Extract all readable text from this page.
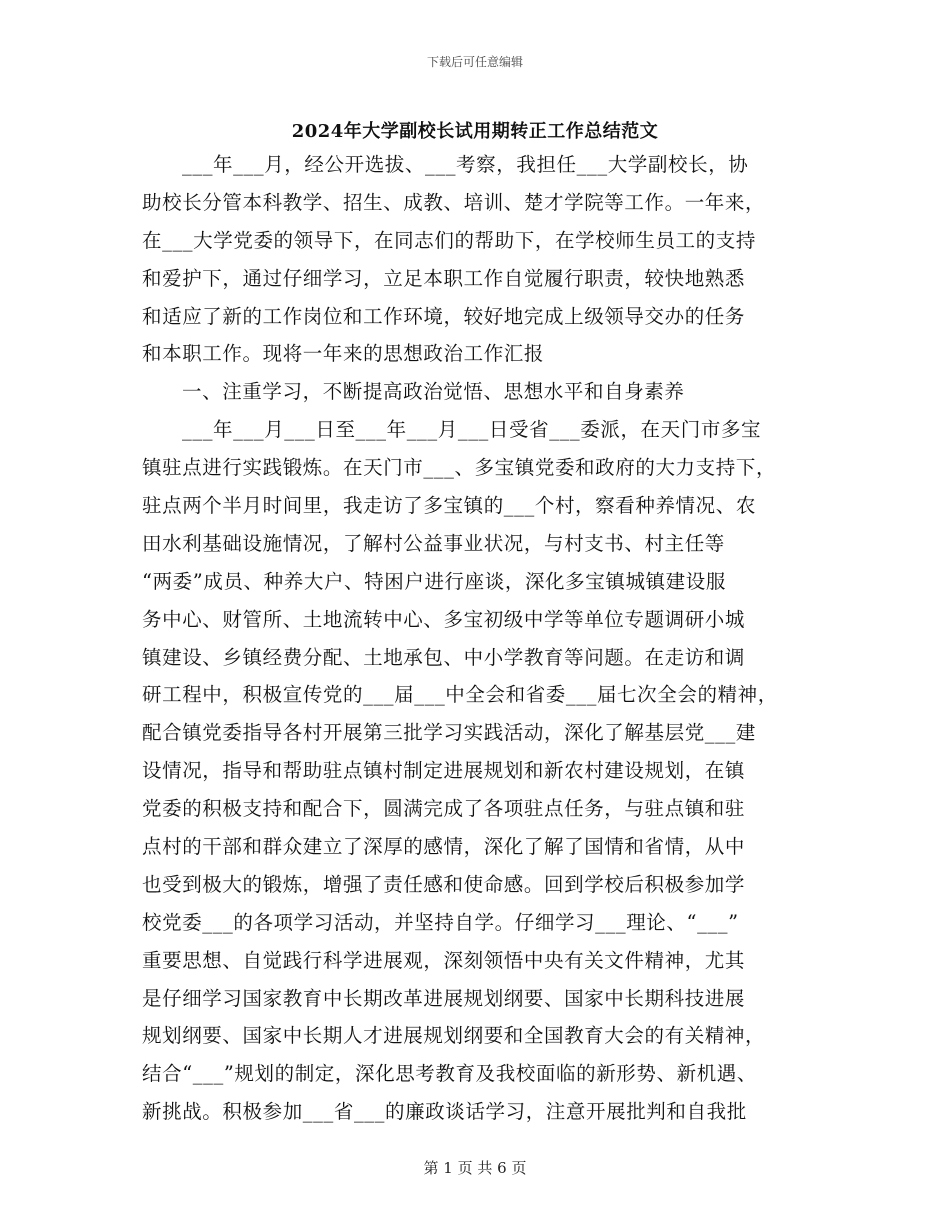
下载后可任意编辑
2024年大学副校长试用期转正工作总结范文
___年___月，经公开选拔、___考察，我担任___大学副校长，协
助校长分管本科教学、招生、成教、培训、楚才学院等工作。一年来，
在___大学党委的领导下，在同志们的帮助下，在学校师生员工的支持
和爱护下，通过仔细学习，立足本职工作自觉履行职责，较快地熟悉
和适应了新的工作岗位和工作环境，较好地完成上级领导交办的任务
和本职工作。现将一年来的思想政治工作汇报
一、注重学习，不断提高政治觉悟、思想水平和自身素养
___年___月___日至___年___月___日受省___委派，在天门市多宝
镇驻点进行实践锻炼。在天门市___、多宝镇党委和政府的大力支持下，
驻点两个半月时间里，我走访了多宝镇的___个村，察看种养情况、农
田水利基础设施情况，了解村公益事业状况，与村支书、村主任等
“两委”成员、种养大户、特困户进行座谈，深化多宝镇城镇建设服
务中心、财管所、土地流转中心、多宝初级中学等单位专题调研小城
镇建设、乡镇经费分配、土地承包、中小学教育等问题。在走访和调
研工程中，积极宣传党的___届___中全会和省委___届七次全会的精神，
配合镇党委指导各村开展第三批学习实践活动，深化了解基层党___建
设情况，指导和帮助驻点镇村制定进展规划和新农村建设规划，在镇
党委的积极支持和配合下，圆满完成了各项驻点任务，与驻点镇和驻
点村的干部和群众建立了深厚的感情，深化了解了国情和省情，从中
也受到极大的锻炼，增强了责任感和使命感。回到学校后积极参加学
校党委___的各项学习活动，并坚持自学。仔细学习___理论、“___”
重要思想、自觉践行科学进展观，深刻领悟中央有关文件精神，尤其
是仔细学习国家教育中长期改革进展规划纲要、国家中长期科技进展
规划纲要、国家中长期人才进展规划纲要和全国教育大会的有关精神，
结合“___”规划的制定，深化思考教育及我校面临的新形势、新机遇、
新挑战。积极参加___省___的廉政谈话学习，注意开展批判和自我批
第 1 页 共 6 页
